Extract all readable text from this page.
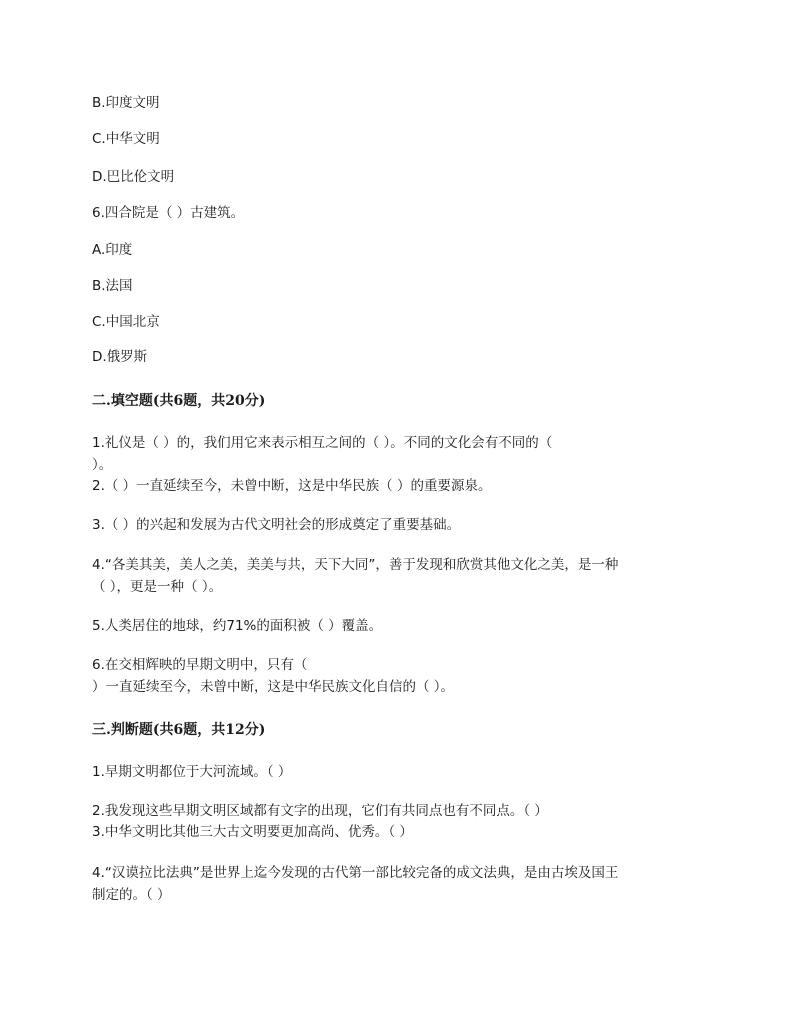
B.印度文明
C.中华文明
D.巴比伦文明
6.四合院是（ ）古建筑。
A.印度
B.法国
C.中国北京
D.俄罗斯
二.填空题(共6题，共20分)
1.礼仪是（ ）的，我们用它来表示相互之间的（ ）。不同的文化会有不同的（
）。
2.（ ）一直延续至今，未曾中断，这是中华民族（ ）的重要源泉。
3.（ ）的兴起和发展为古代文明社会的形成奠定了重要基础。
4.“各美其美，美人之美，美美与共，天下大同”，善于发现和欣赏其他文化之美，是一种
（ ），更是一种（ ）。
5.人类居住的地球，约71%的面积被（ ）覆盖。
6.在交相辉映的早期文明中，只有（
）一直延续至今，未曾中断，这是中华民族文化自信的（ ）。
三.判断题(共6题，共12分)
1.早期文明都位于大河流域。（ ）
2.我发现这些早期文明区域都有文字的出现，它们有共同点也有不同点。（ ）
3.中华文明比其他三大古文明要更加高尚、优秀。（ ）
4.“汉谟拉比法典”是世界上迄今发现的古代第一部比较完备的成文法典，是由古埃及国王
制定的。（ ）
